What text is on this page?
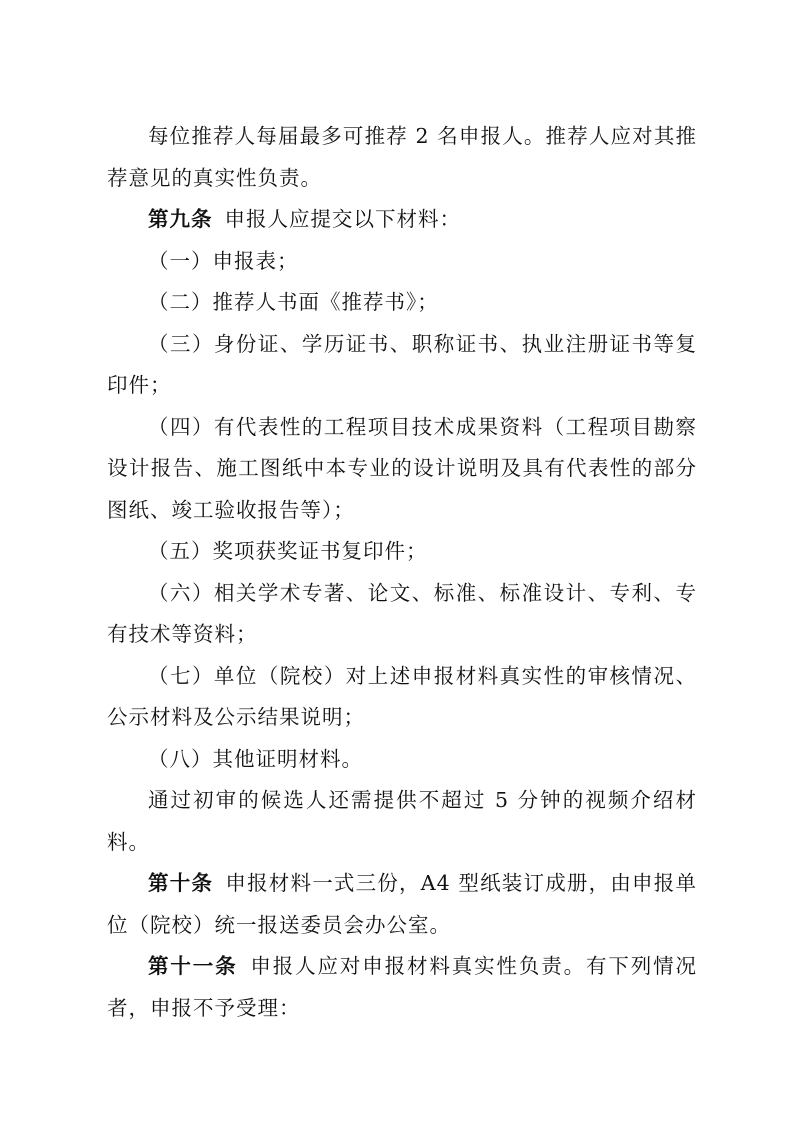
每位推荐人每届最多可推荐 2 名申报人。推荐人应对其推荐意见的真实性负责。

第九条 申报人应提交以下材料：

（一）申报表；

（二）推荐人书面《推荐书》；

（三）身份证、学历证书、职称证书、执业注册证书等复印件；

（四）有代表性的工程项目技术成果资料（工程项目勘察设计报告、施工图纸中本专业的设计说明及具有代表性的部分图纸、竣工验收报告等）；

（五）奖项获奖证书复印件；

（六）相关学术专著、论文、标准、标准设计、专利、专有技术等资料；

（七）单位（院校）对上述申报材料真实性的审核情况、公示材料及公示结果说明；

（八）其他证明材料。

通过初审的候选人还需提供不超过 5 分钟的视频介绍材料。

第十条 申报材料一式三份，A4 型纸装订成册，由申报单位（院校）统一报送委员会办公室。

第十一条 申报人应对申报材料真实性负责。有下列情况者，申报不予受理：
